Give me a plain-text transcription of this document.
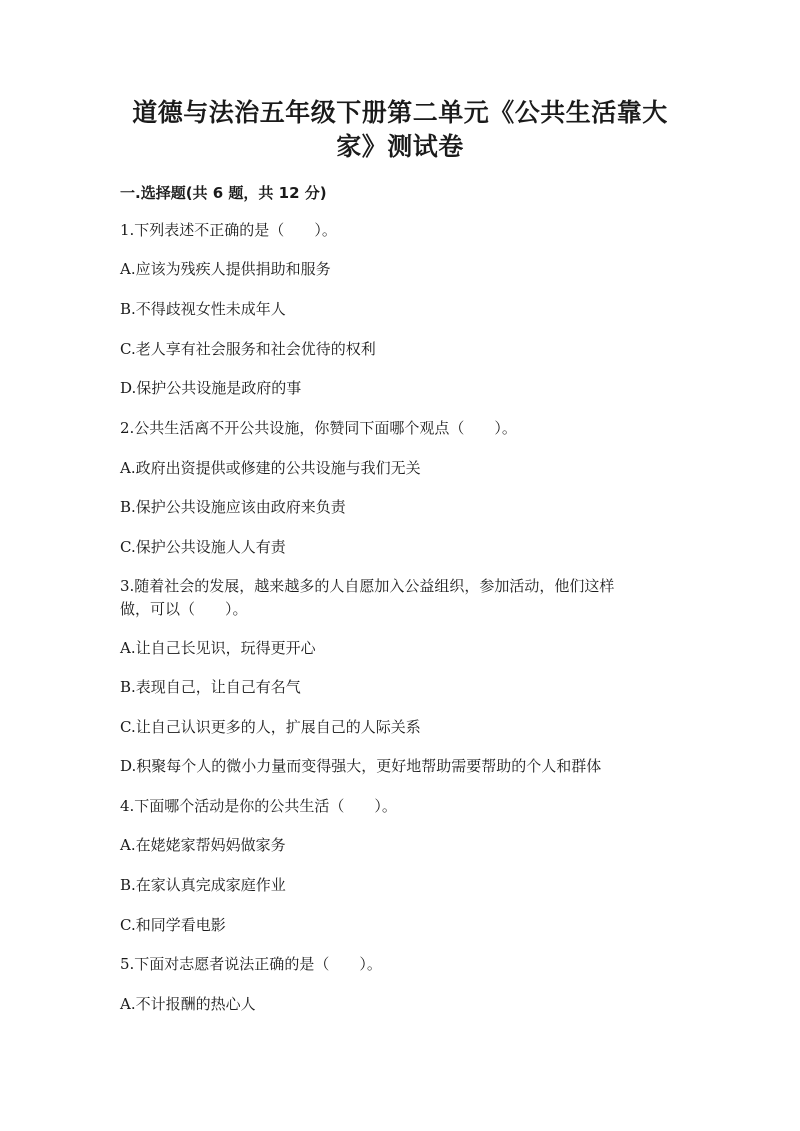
道德与法治五年级下册第二单元《公共生活靠大
家》测试卷
一.选择题(共 6 题，共 12 分)
1.下列表述不正确的是（　　）。
A.应该为残疾人提供捐助和服务
B.不得歧视女性未成年人
C.老人享有社会服务和社会优待的权利
D.保护公共设施是政府的事
2.公共生活离不开公共设施，你赞同下面哪个观点（　　）。
A.政府出资提供或修建的公共设施与我们无关
B.保护公共设施应该由政府来负责
C.保护公共设施人人有责
3.随着社会的发展，越来越多的人自愿加入公益组织，参加活动，他们这样
做，可以（　　）。
A.让自己长见识，玩得更开心
B.表现自己，让自己有名气
C.让自己认识更多的人，扩展自己的人际关系
D.积聚每个人的微小力量而变得强大，更好地帮助需要帮助的个人和群体
4.下面哪个活动是你的公共生活（　　）。
A.在姥姥家帮妈妈做家务
B.在家认真完成家庭作业
C.和同学看电影
5.下面对志愿者说法正确的是（　　）。
A.不计报酬的热心人
